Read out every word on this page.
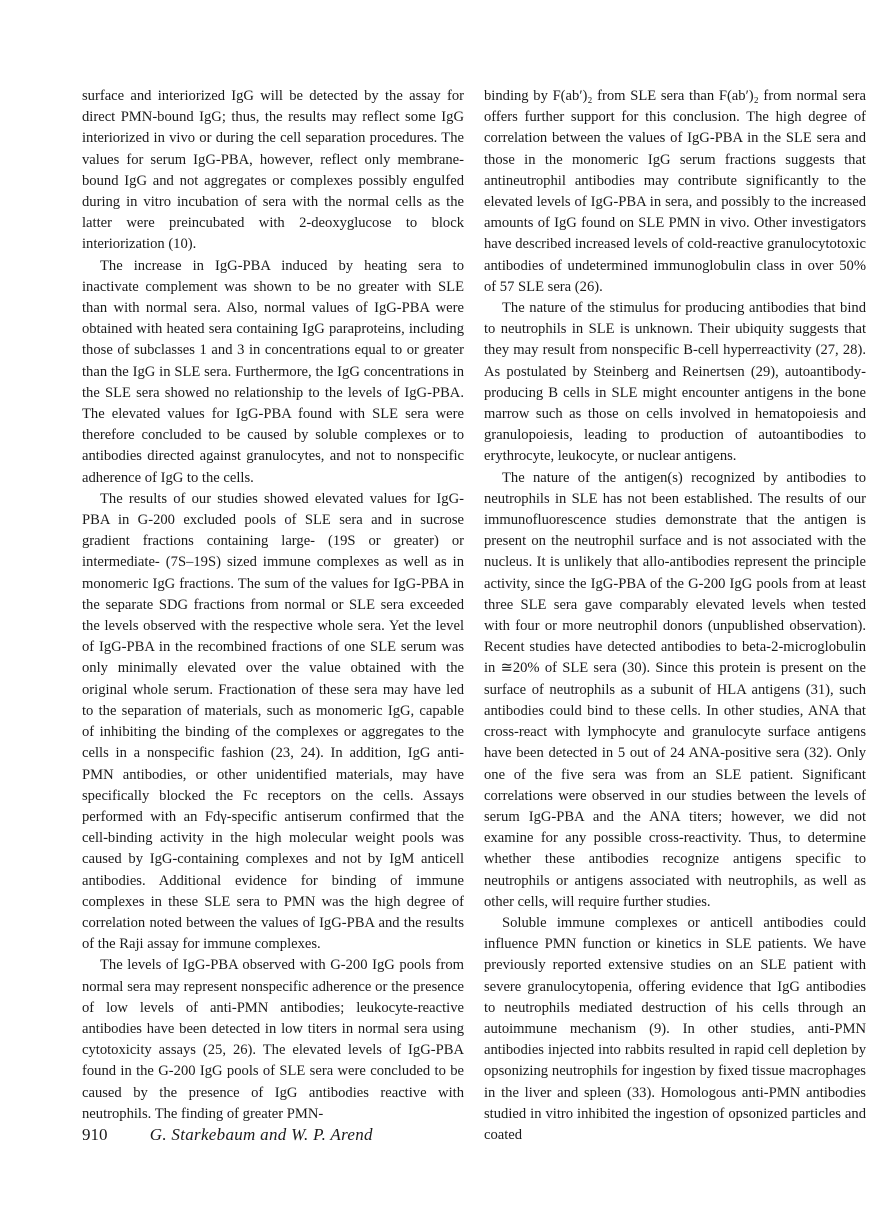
surface and interiorized IgG will be detected by the assay for direct PMN-bound IgG; thus, the results may reflect some IgG interiorized in vivo or during the cell separation procedures. The values for serum IgG-PBA, however, reflect only membrane-bound IgG and not aggregates or complexes possibly engulfed during in vitro incubation of sera with the normal cells as the latter were preincubated with 2-deoxyglucose to block interiorization (10).

The increase in IgG-PBA induced by heating sera to inactivate complement was shown to be no greater with SLE than with normal sera. Also, normal values of IgG-PBA were obtained with heated sera containing IgG paraproteins, including those of subclasses 1 and 3 in concentrations equal to or greater than the IgG in SLE sera. Furthermore, the IgG concentrations in the SLE sera showed no relationship to the levels of IgG-PBA. The elevated values for IgG-PBA found with SLE sera were therefore concluded to be caused by soluble complexes or to antibodies directed against granulocytes, and not to nonspecific adherence of IgG to the cells.

The results of our studies showed elevated values for IgG-PBA in G-200 excluded pools of SLE sera and in sucrose gradient fractions containing large- (19S or greater) or intermediate- (7S–19S) sized immune complexes as well as in monomeric IgG fractions. The sum of the values for IgG-PBA in the separate SDG fractions from normal or SLE sera exceeded the levels observed with the respective whole sera. Yet the level of IgG-PBA in the recombined fractions of one SLE serum was only minimally elevated over the value obtained with the original whole serum. Fractionation of these sera may have led to the separation of materials, such as monomeric IgG, capable of inhibiting the binding of the complexes or aggregates to the cells in a nonspecific fashion (23, 24). In addition, IgG anti-PMN antibodies, or other unidentified materials, may have specifically blocked the Fc receptors on the cells. Assays performed with an Fdγ-specific antiserum confirmed that the cell-binding activity in the high molecular weight pools was caused by IgG-containing complexes and not by IgM anticell antibodies. Additional evidence for binding of immune complexes in these SLE sera to PMN was the high degree of correlation noted between the values of IgG-PBA and the results of the Raji assay for immune complexes.

The levels of IgG-PBA observed with G-200 IgG pools from normal sera may represent nonspecific adherence or the presence of low levels of anti-PMN antibodies; leukocyte-reactive antibodies have been detected in low titers in normal sera using cytotoxicity assays (25, 26). The elevated levels of IgG-PBA found in the G-200 IgG pools of SLE sera were concluded to be caused by the presence of IgG antibodies reactive with neutrophils. The finding of greater PMN-

binding by F(ab′)₂ from SLE sera than F(ab′)₂ from normal sera offers further support for this conclusion. The high degree of correlation between the values of IgG-PBA in the SLE sera and those in the monomeric IgG serum fractions suggests that antineutrophil antibodies may contribute significantly to the elevated levels of IgG-PBA in sera, and possibly to the increased amounts of IgG found on SLE PMN in vivo. Other investigators have described increased levels of cold-reactive granulocytotoxic antibodies of undetermined immunoglobulin class in over 50% of 57 SLE sera (26).

The nature of the stimulus for producing antibodies that bind to neutrophils in SLE is unknown. Their ubiquity suggests that they may result from nonspecific B-cell hyperreactivity (27, 28). As postulated by Steinberg and Reinertsen (29), autoantibody-producing B cells in SLE might encounter antigens in the bone marrow such as those on cells involved in hematopoiesis and granulopoiesis, leading to production of autoantibodies to erythrocyte, leukocyte, or nuclear antigens.

The nature of the antigen(s) recognized by antibodies to neutrophils in SLE has not been established. The results of our immunofluorescence studies demonstrate that the antigen is present on the neutrophil surface and is not associated with the nucleus. It is unlikely that allo-antibodies represent the principle activity, since the IgG-PBA of the G-200 IgG pools from at least three SLE sera gave comparably elevated levels when tested with four or more neutrophil donors (unpublished observation). Recent studies have detected antibodies to beta-2-microglobulin in ≅20% of SLE sera (30). Since this protein is present on the surface of neutrophils as a subunit of HLA antigens (31), such antibodies could bind to these cells. In other studies, ANA that cross-react with lymphocyte and granulocyte surface antigens have been detected in 5 out of 24 ANA-positive sera (32). Only one of the five sera was from an SLE patient. Significant correlations were observed in our studies between the levels of serum IgG-PBA and the ANA titers; however, we did not examine for any possible cross-reactivity. Thus, to determine whether these antibodies recognize antigens specific to neutrophils or antigens associated with neutrophils, as well as other cells, will require further studies.

Soluble immune complexes or anticell antibodies could influence PMN function or kinetics in SLE patients. We have previously reported extensive studies on an SLE patient with severe granulocytopenia, offering evidence that IgG antibodies to neutrophils mediated destruction of his cells through an autoimmune mechanism (9). In other studies, anti-PMN antibodies injected into rabbits resulted in rapid cell depletion by opsonizing neutrophils for ingestion by fixed tissue macrophages in the liver and spleen (33). Homologous anti-PMN antibodies studied in vitro inhibited the ingestion of opsonized particles and coated

910 G. Starkebaum and W. P. Arend
